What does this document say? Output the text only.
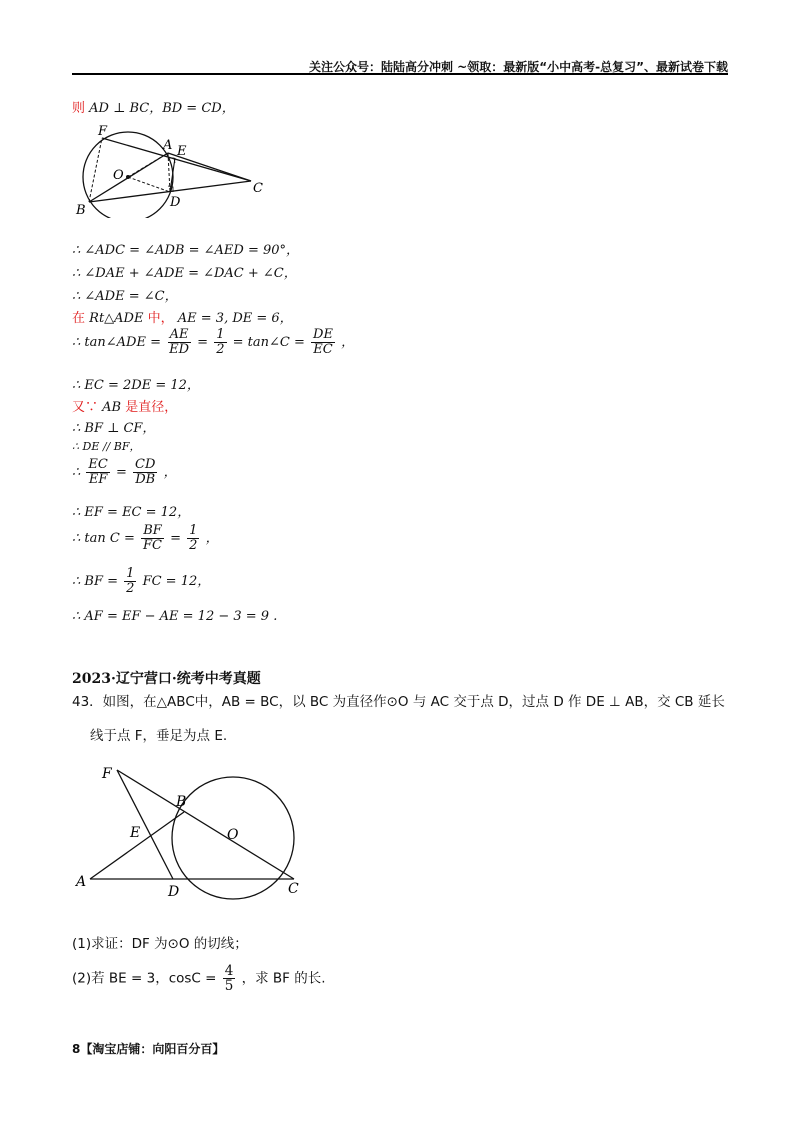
关注公众号：陆陆高分冲刺 ~领取：最新版“小中高考-总复习”、最新试卷下载
则 AD ⊥ BC，BD = CD，
F
A E
O
C
B
D
∴ ∠ADC = ∠ADB = ∠AED = 90°，
∴ ∠DAE + ∠ADE = ∠DAC + ∠C，
∴ ∠ADE = ∠C，
在 Rt△ADE 中， AE = 3, DE = 6，
∴ tan∠ADE = $\frac{AE}{ED} = \frac{1}{2}$ = tan∠C = $\frac{DE}{EC}$ ，
∴ EC = 2DE = 12，
又∵ AB 是直径，
∴ BF ⊥ CF，
∴ DE // BF，
∴ $\frac{EC}{EF} = \frac{CD}{DB}$ ，
∴ EF = EC = 12，
∴ $\tan C = \frac{BF}{FC} = \frac{1}{2}$ ，
∴ BF = $\frac{1}{2}$ FC = 12，
∴ AF = EF − AE = 12 − 3 = 9 .
2023·辽宁营口·统考中考真题
43．如图，在△ABC中，AB = BC，以 BC 为直径作⊙O 与 AC 交于点 D，过点 D 作 DE ⊥ AB，交 CB 延长
线于点 F，垂足为点 E.
F
B
E	O
A
D	C
(1)求证：DF 为⊙O 的切线；
(2)若 BE = 3，$\cos C = \frac{4}{5}$ ，求 BF 的长.
8【淘宝店铺：向阳百分百】
